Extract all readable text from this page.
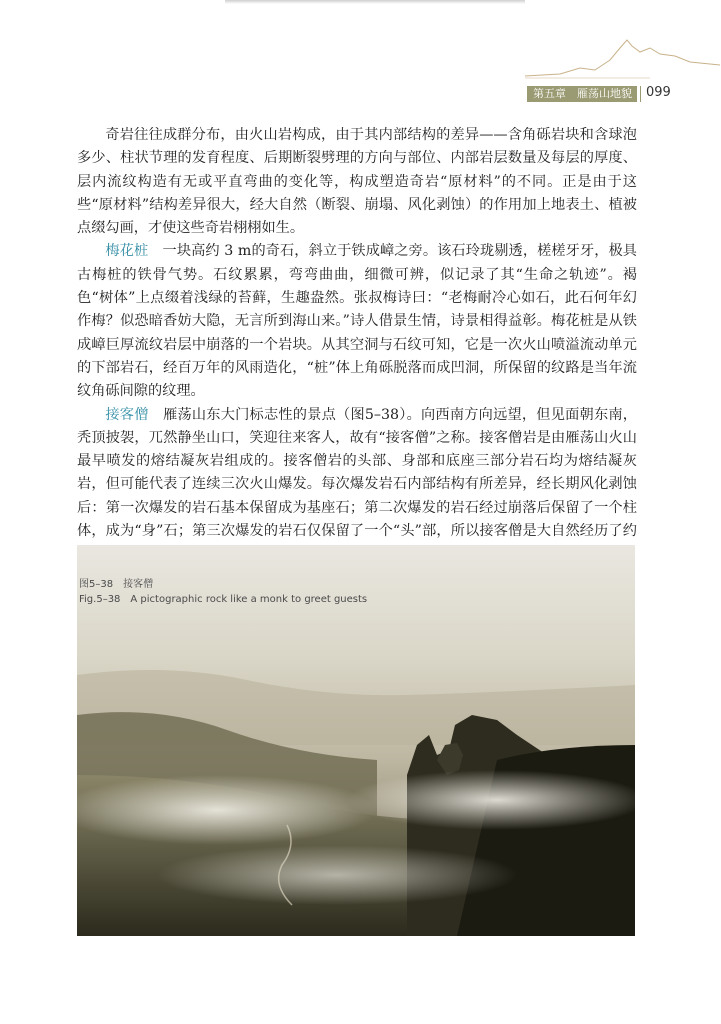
第五章　雁荡山地貌	099

奇岩往往成群分布，由火山岩构成，由于其内部结构的差异——含角砾岩块和含球泡多少、柱状节理的发育程度、后期断裂劈理的方向与部位、内部岩层数量及每层的厚度、层内流纹构造有无或平直弯曲的变化等，构成塑造奇岩“原材料”的不同。正是由于这些“原材料”结构差异很大，经大自然（断裂、崩塌、风化剥蚀）的作用加上地表土、植被点缀勾画，才使这些奇岩栩栩如生。

梅花桩　 一块高约 3 m的奇石，斜立于铁成嶂之旁。该石玲珑剔透，槎槎牙牙，极具古梅桩的铁骨气势。石纹累累，弯弯曲曲，细微可辨，似记录了其“生命之轨迹”。褐色“树体”上点缀着浅绿的苔藓，生趣盎然。张叔梅诗曰：“老梅耐冷心如石，此石何年幻作梅？似恐暗香妨大隐，无言所到海山来。”诗人借景生情，诗景相得益彰。梅花桩是从铁成嶂巨厚流纹岩层中崩落的一个岩块。从其空洞与石纹可知，它是一次火山喷溢流动单元的下部岩石，经百万年的风雨造化，“桩”体上角砾脱落而成凹洞，所保留的纹路是当年流纹角砾间隙的纹理。

接客僧　 雁荡山东大门标志性的景点（图5–38）。向西南方向远望，但见面朝东南，秃顶披袈，兀然静坐山口，笑迎往来客人，故有“接客僧”之称。接客僧岩是由雁荡山火山最早喷发的熔结凝灰岩组成的。接客僧岩的头部、身部和底座三部分岩石均为熔结凝灰岩，但可能代表了连续三次火山爆发。每次爆发岩石内部结构有所差异，经长期风化剥蚀后：第一次爆发的岩石基本保留成为基座石；第二次爆发的岩石经过崩落后保留了一个柱体，成为“身”石；第三次爆发的岩石仅保留了一个“头”部，所以接客僧是大自然经历了约

图5–38　接客僧
Fig.5–38　A pictographic rock like a monk to greet guests
